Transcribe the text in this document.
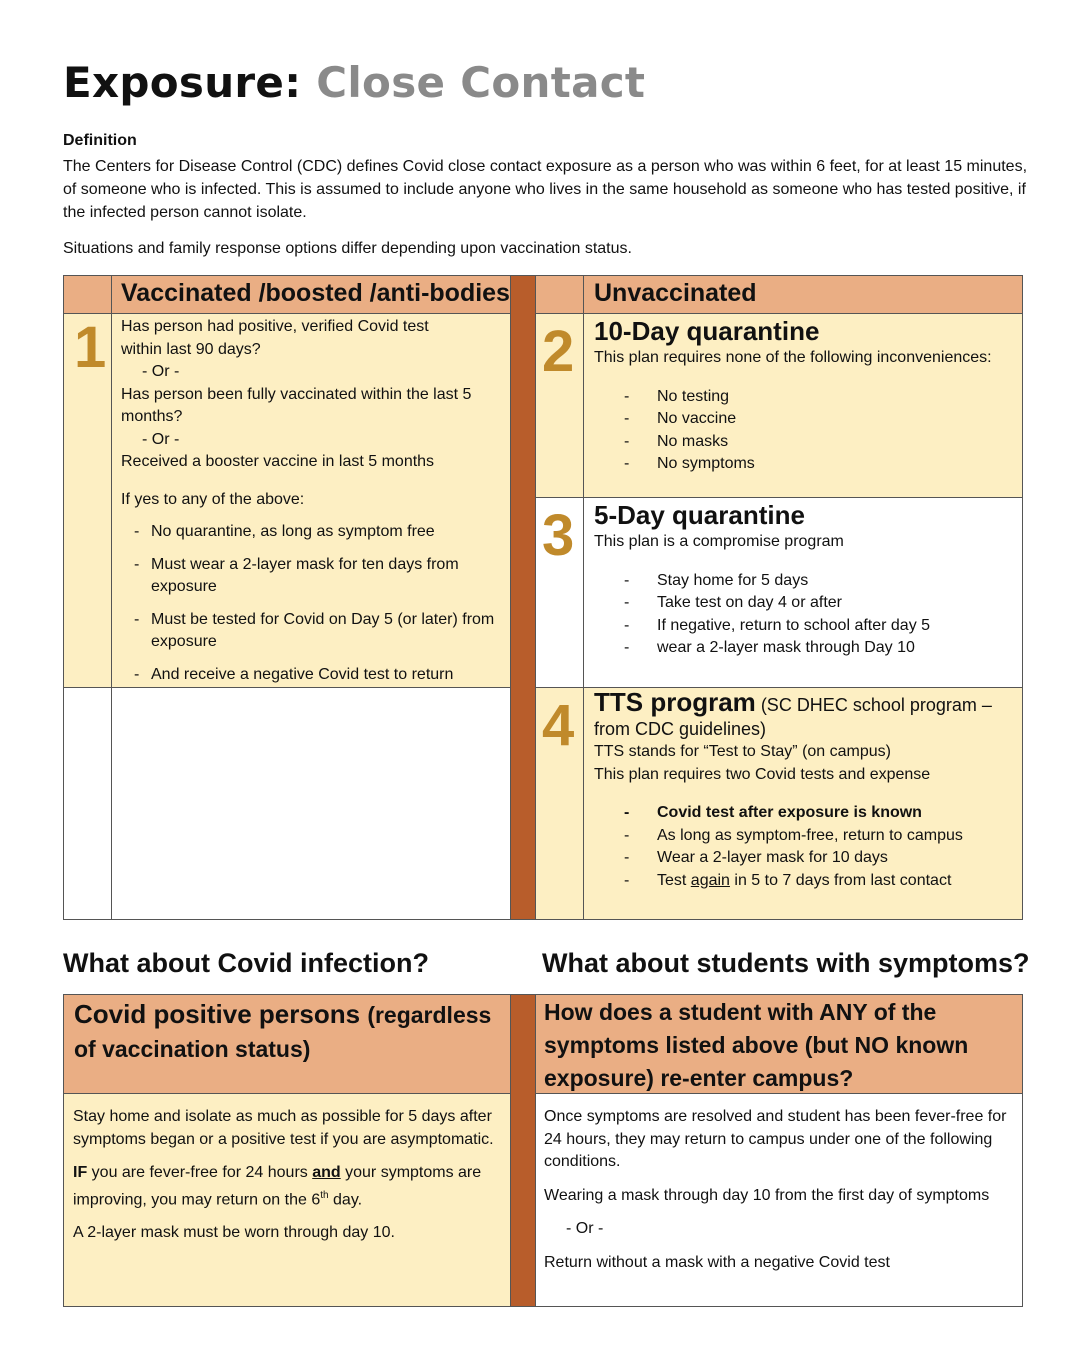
Exposure: Close Contact
Definition
The Centers for Disease Control (CDC) defines Covid close contact exposure as a person who was within 6 feet, for at least 15 minutes, of someone who is infected. This is assumed to include anyone who lives in the same household as someone who has tested positive, if the infected person cannot isolate.
Situations and family response options differ depending upon vaccination status.
Vaccinated /boosted /anti-bodies	Unvaccinated
1 Has person had positive, verified Covid test within last 90 days?

- Or -

Has person been fully vaccinated within the last 5 months?

- Or -

Received a booster vaccine in last 5 months

If yes to any of the above:

- No quarantine, as long as symptom free
- Must wear a 2-layer mask for ten days from exposure
- Must be tested for Covid on Day 5 (or later) from exposure
- And receive a negative Covid test to return
2 10-Day quarantine

This plan requires none of the following inconveniences:

- No testing
- No vaccine
- No masks
- No symptoms
3 5-Day quarantine

This plan is a compromise program

- Stay home for 5 days
- Take test on day 4 or after
- If negative, return to school after day 5
- wear a 2-layer mask through Day 10
4 TTS program (SC DHEC school program – from CDC guidelines)

TTS stands for “Test to Stay” (on campus)

This plan requires two Covid tests and expense

- Covid test after exposure is known
- As long as symptom-free, return to campus
- Wear a 2-layer mask for 10 days
- Test again in 5 to 7 days from last contact
What about Covid infection?	What about students with symptoms?
Covid positive persons (regardless of vaccination status)
How does a student with ANY of the symptoms listed above (but NO known exposure) re-enter campus?

Stay home and isolate as much as possible for 5 days after symptoms began or a positive test if you are asymptomatic.

IF you are fever-free for 24 hours and your symptoms are improving, you may return on the 6th day.

A 2-layer mask must be worn through day 10.

Once symptoms are resolved and student has been fever-free for 24 hours, they may return to campus under one of the following conditions.

Wearing a mask through day 10 from the first day of symptoms

- Or -

Return without a mask with a negative Covid test
